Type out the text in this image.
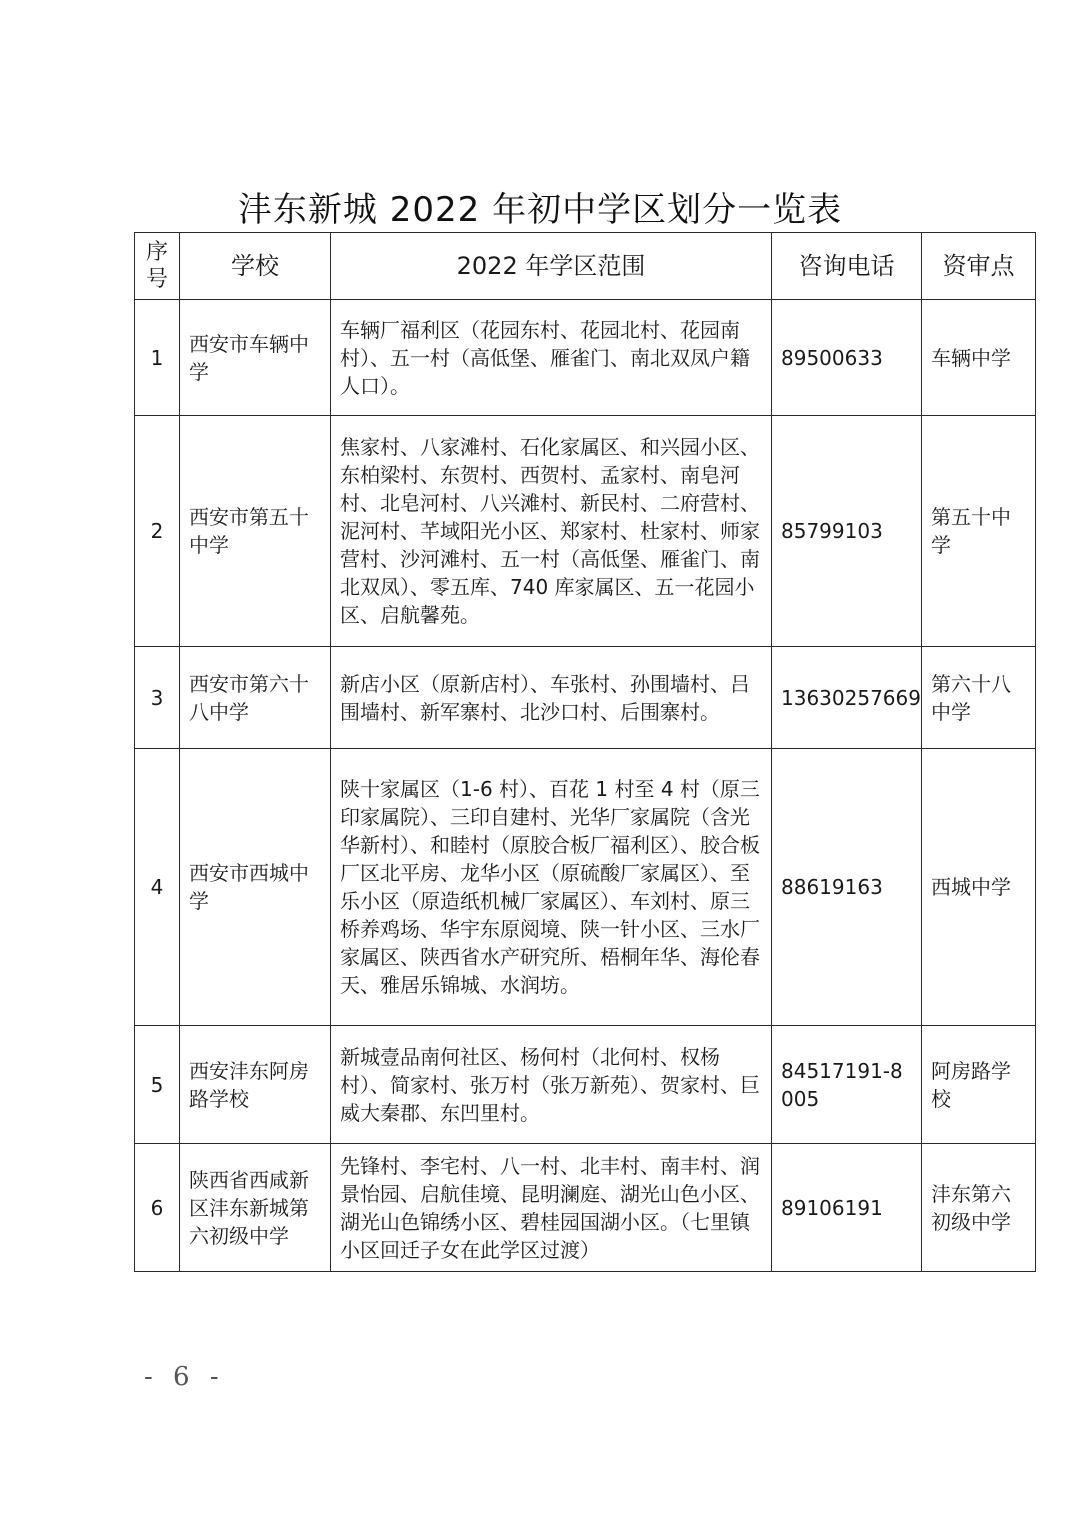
沣东新城 2022 年初中学区划分一览表
序号	学校	2022 年学区范围	咨询电话	资审点
1	西安市车辆中学	车辆厂福利区（花园东村、花园北村、花园南村）、五一村（高低堡、雁雀门、南北双凤户籍人口）。	89500633	车辆中学
2	西安市第五十中学	焦家村、八家滩村、石化家属区、和兴园小区、东柏梁村、东贺村、西贺村、孟家村、南皂河村、北皂河村、八兴滩村、新民村、二府营村、泥河村、芊域阳光小区、郑家村、杜家村、师家营村、沙河滩村、五一村（高低堡、雁雀门、南北双凤）、零五库、740 库家属区、五一花园小区、启航馨苑。	85799103	第五十中学
3	西安市第六十八中学	新店小区（原新店村）、车张村、孙围墙村、吕围墙村、新军寨村、北沙口村、后围寨村。	13630257669	第六十八中学
4	西安市西城中学	陕十家属区（1-6 村）、百花 1 村至 4 村（原三印家属院）、三印自建村、光华厂家属院（含光华新村）、和睦村（原胶合板厂福利区）、胶合板厂区北平房、龙华小区（原硫酸厂家属区）、至乐小区（原造纸机械厂家属区）、车刘村、原三桥养鸡场、华宇东原阅境、陕一针小区、三水厂家属区、陕西省水产研究所、梧桐年华、海伦春天、雅居乐锦城、水润坊。	88619163	西城中学
5	西安沣东阿房路学校	新城壹品南何社区、杨何村（北何村、权杨村）、简家村、张万村（张万新苑）、贺家村、巨威大秦郡、东凹里村。	84517191-8005	阿房路学校
6	陕西省西咸新区沣东新城第六初级中学	先锋村、李宅村、八一村、北丰村、南丰村、润景怡园、启航佳境、昆明澜庭、湖光山色小区、湖光山色锦绣小区、碧桂园国湖小区。（七里镇小区回迁子女在此学区过渡）	89106191	沣东第六初级中学
- 6 -
